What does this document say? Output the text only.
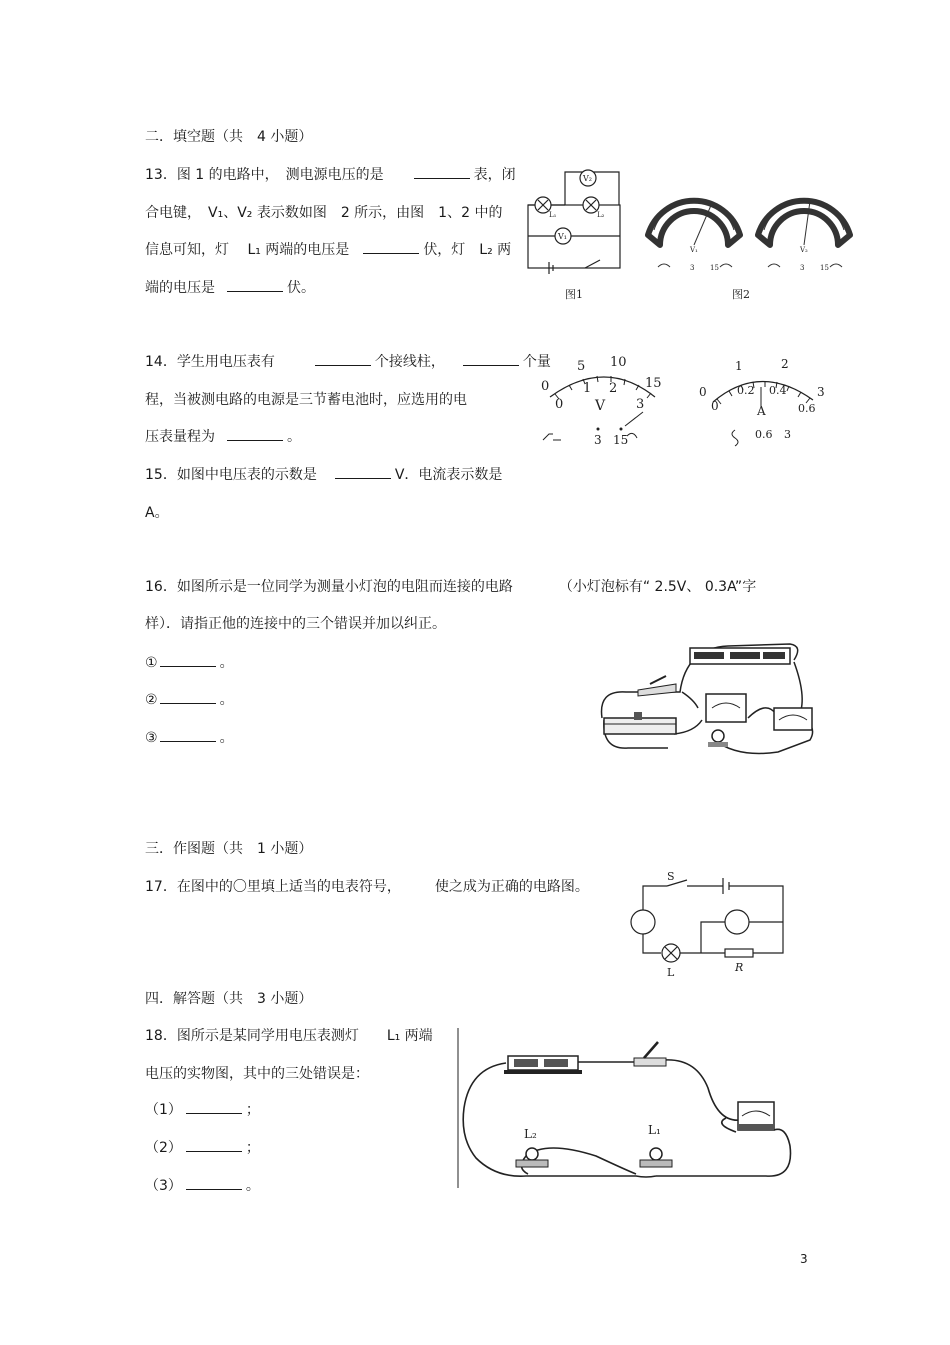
二．填空题（共　4 小题）
13．图 1 的电路中，　测电源电压的是	表，闭
合电键，　V₁、V₂ 表示数如图　2 所示，由图　1、2 中的
信息可知，灯　 L₁ 两端的电压是	伏，灯　L₂ 两
端的电压是	伏。
L₁	L₂
V₂
V₁
图1
V₁
3 15
V₂
3 15
图2
14．学生用电压表有	个接线柱，	个量
程，当被测电路的电源是三节蓄电池时，应选用的电
压表量程为	。
0
5 10
15
0
1 2
3
V
3 15
0
1	2
3
0
0.2 0.4
0.6
A
0.6 3
15．如图中电压表的示数是	V．电流表示数是
A。
16．如图所示是一位同学为测量小灯泡的电阻而连接的电路	（小灯泡标有“ 2.5V、 0.3A”字
样）．请指正他的连接中的三个错误并加以纠正。
①	。
②	。
③	。
三．作图题（共　1 小题）
17．在图中的〇里填上适当的电表符号， 使之成为正确的电路图。
S
L	R
四．解答题（共　3 小题）
18．图所示是某同学用电压表测灯　　L₁ 两端
电压的实物图，其中的三处错误是：
（1）	；
（2）	；
（3）	。
L₂	L₁
3
